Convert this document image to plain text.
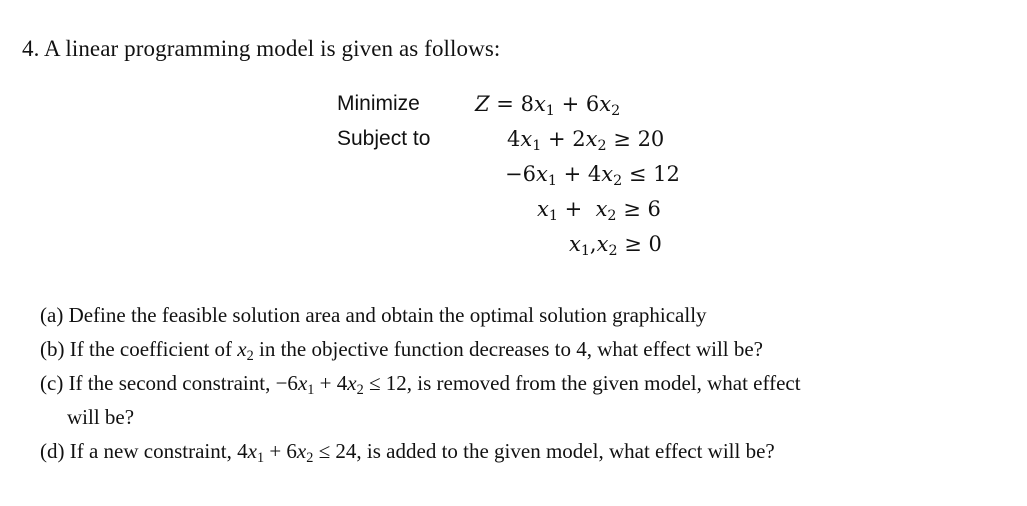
4. A linear programming model is given as follows:
Minimize
Subject to
$Z = 8x_1 + 6x_2$
$4x_1 + 2x_2 \ge 20$
$-6x_1 + 4x_2 \le 12$
$x_1 + x_2 \ge 6$
$x_1,x_2 \ge 0$
(a) Define the feasible solution area and obtain the optimal solution graphically
(b) If the coefficient of $x_2$ in the objective function decreases to 4, what effect will be?
(c) If the second constraint, $-6x_1 + 4x_2 \le 12$, is removed from the given model, what effect
will be?
(d) If a new constraint, $4x_1 + 6x_2 \le 24$, is added to the given model, what effect will be?
